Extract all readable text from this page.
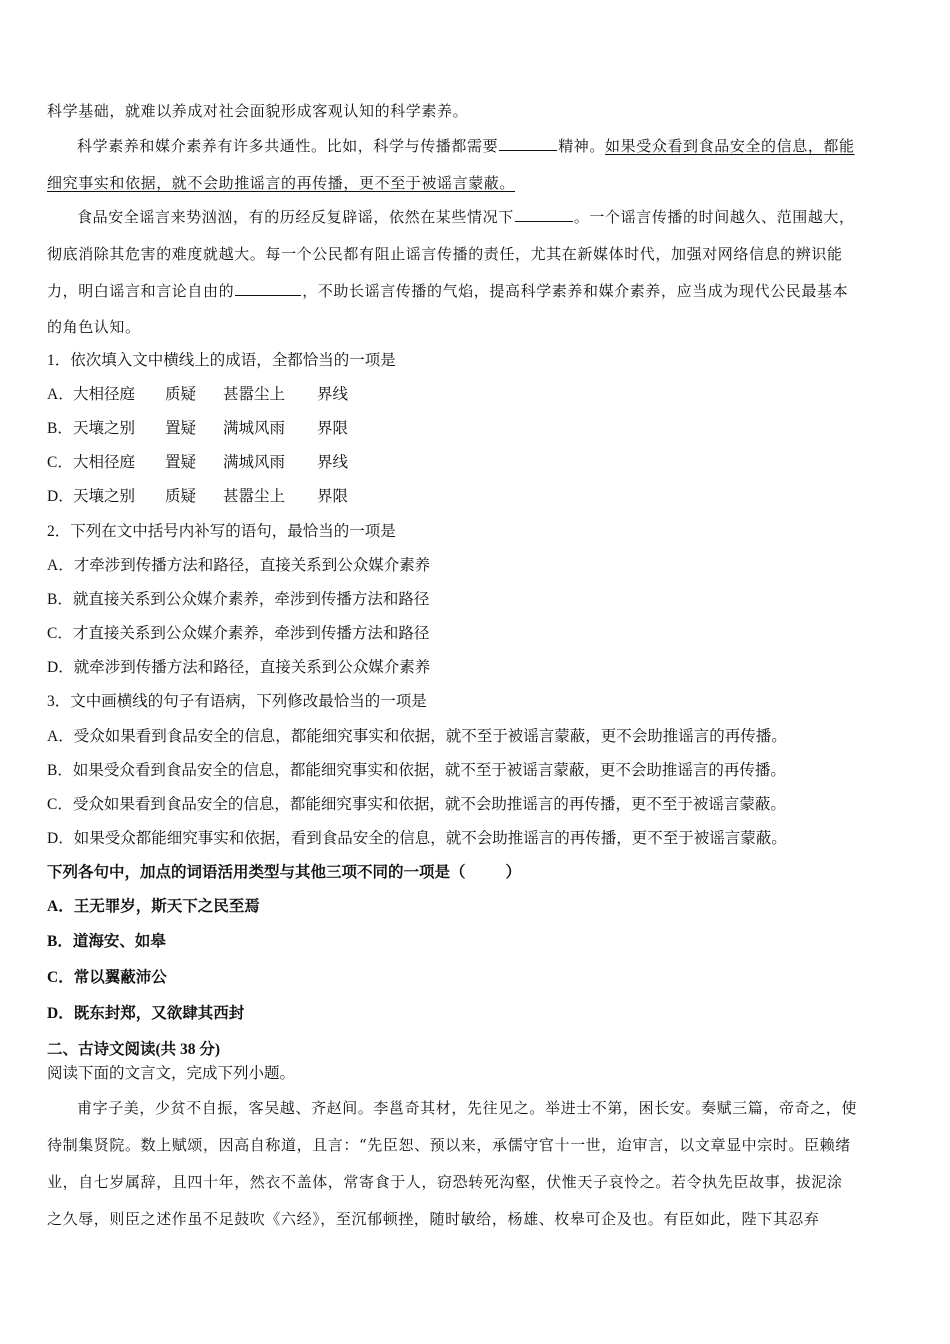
科学基础，就难以养成对社会面貌形成客观认知的科学素养。
科学素养和媒介素养有许多共通性。比如，科学与传播都需要	精神。如果受众看到食品安全的信息，都能
细究事实和依据，就不会助推谣言的再传播，更不至于被谣言蒙蔽。
食品安全谣言来势汹汹，有的历经反复辟谣，依然在某些情况下	。一个谣言传播的时间越久、范围越大，
彻底消除其危害的难度就越大。每一个公民都有阻止谣言传播的责任，尤其在新媒体时代，加强对网络信息的辨识能
力，明白谣言和言论自由的	，不助长谣言传播的气焰，提高科学素养和媒介素养，应当成为现代公民最基本
的角色认知。
1．依次填入文中横线上的成语，全都恰当的一项是
A．大相径庭 质疑 甚嚣尘上 界线
B．天壤之别 置疑 满城风雨 界限
C．大相径庭 置疑 满城风雨 界线
D．天壤之别 质疑 甚嚣尘上 界限
2．下列在文中括号内补写的语句，最恰当的一项是
A．才牵涉到传播方法和路径，直接关系到公众媒介素养
B．就直接关系到公众媒介素养，牵涉到传播方法和路径
C．才直接关系到公众媒介素养，牵涉到传播方法和路径
D．就牵涉到传播方法和路径，直接关系到公众媒介素养
3．文中画横线的句子有语病，下列修改最恰当的一项是
A．受众如果看到食品安全的信息，都能细究事实和依据，就不至于被谣言蒙蔽，更不会助推谣言的再传播。
B．如果受众看到食品安全的信息，都能细究事实和依据，就不至于被谣言蒙蔽，更不会助推谣言的再传播。
C．受众如果看到食品安全的信息，都能细究事实和依据，就不会助推谣言的再传播，更不至于被谣言蒙蔽。
D．如果受众都能细究事实和依据，看到食品安全的信息，就不会助推谣言的再传播，更不至于被谣言蒙蔽。
下列各句中，加点的词语活用类型与其他三项不同的一项是（	）
A．王无罪岁，斯天下之民至焉
B．道海安、如皋
C．常以翼蔽沛公
D．既东封郑，又欲肆其西封
二、古诗文阅读(共 38 分)
阅读下面的文言文，完成下列小题。
甫字子美，少贫不自振，客吴越、齐赵间。李邕奇其材，先往见之。举进士不第，困长安。奏赋三篇，帝奇之，使
待制集贤院。数上赋颂，因高自称道，且言：“先臣恕、预以来，承儒守官十一世，迨审言，以文章显中宗时。臣赖绪
业，自七岁属辞，且四十年，然衣不盖体，常寄食于人，窃恐转死沟壑，伏惟天子哀怜之。若令执先臣故事，拔泥涂
之久辱，则臣之述作虽不足鼓吹《六经》，至沉郁顿挫，随时敏给，杨雄、枚皋可企及也。有臣如此，陛下其忍弃
